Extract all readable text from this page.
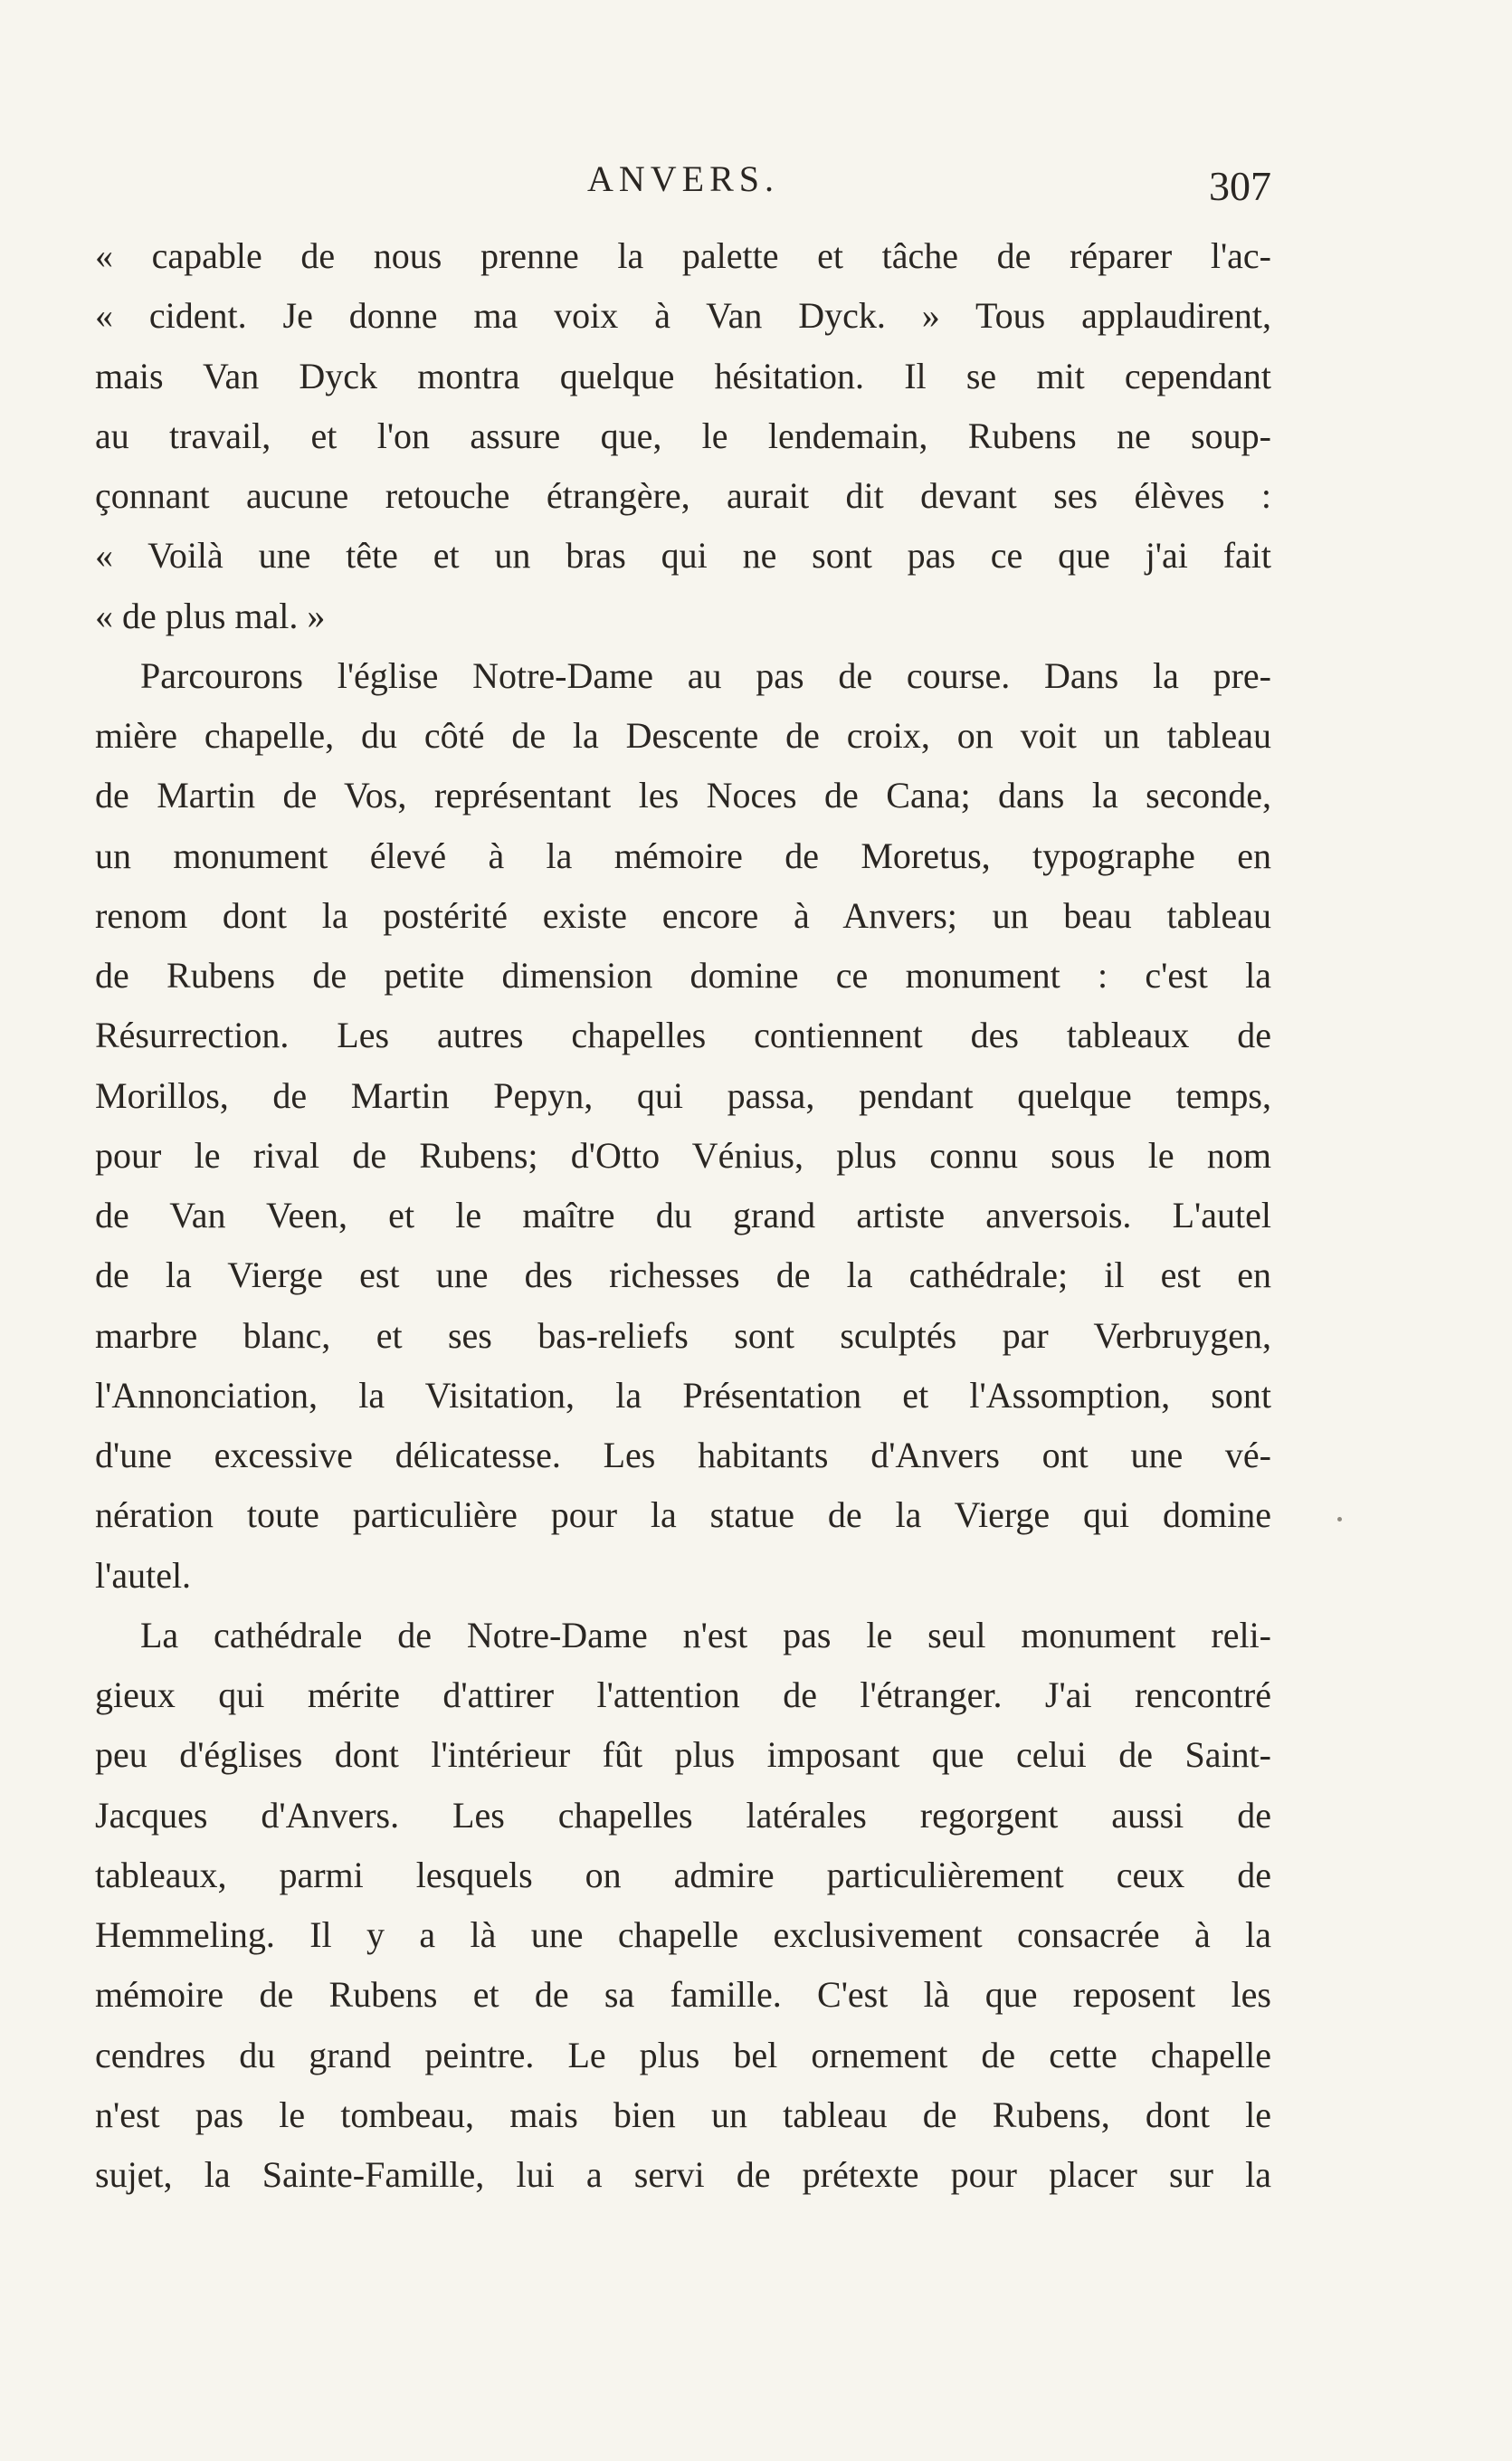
ANVERS.	307
« capable de nous prenne la palette et tâche de réparer l'ac-
« cident. Je donne ma voix à Van Dyck. » Tous applaudirent,
mais Van Dyck montra quelque hésitation. Il se mit cependant
au travail, et l'on assure que, le lendemain, Rubens ne soup-
çonnant aucune retouche étrangère, aurait dit devant ses élèves :
« Voilà une tête et un bras qui ne sont pas ce que j'ai fait
« de plus mal. »
Parcourons l'église Notre-Dame au pas de course. Dans la pre-
mière chapelle, du côté de la Descente de croix, on voit un tableau
de Martin de Vos, représentant les Noces de Cana; dans la seconde,
un monument élevé à la mémoire de Moretus, typographe en
renom dont la postérité existe encore à Anvers; un beau tableau
de Rubens de petite dimension domine ce monument : c'est la
Résurrection. Les autres chapelles contiennent des tableaux de
Morillos, de Martin Pepyn, qui passa, pendant quelque temps,
pour le rival de Rubens; d'Otto Vénius, plus connu sous le nom
de Van Veen, et le maître du grand artiste anversois. L'autel
de la Vierge est une des richesses de la cathédrale; il est en
marbre blanc, et ses bas-reliefs sont sculptés par Verbruygen,
l'Annonciation, la Visitation, la Présentation et l'Assomption, sont
d'une excessive délicatesse. Les habitants d'Anvers ont une vé-
nération toute particulière pour la statue de la Vierge qui domine
l'autel.
La cathédrale de Notre-Dame n'est pas le seul monument reli-
gieux qui mérite d'attirer l'attention de l'étranger. J'ai rencontré
peu d'églises dont l'intérieur fût plus imposant que celui de Saint-
Jacques d'Anvers. Les chapelles latérales regorgent aussi de
tableaux, parmi lesquels on admire particulièrement ceux de
Hemmeling. Il y a là une chapelle exclusivement consacrée à la
mémoire de Rubens et de sa famille. C'est là que reposent les
cendres du grand peintre. Le plus bel ornement de cette chapelle
n'est pas le tombeau, mais bien un tableau de Rubens, dont le
sujet, la Sainte-Famille, lui a servi de prétexte pour placer sur la
